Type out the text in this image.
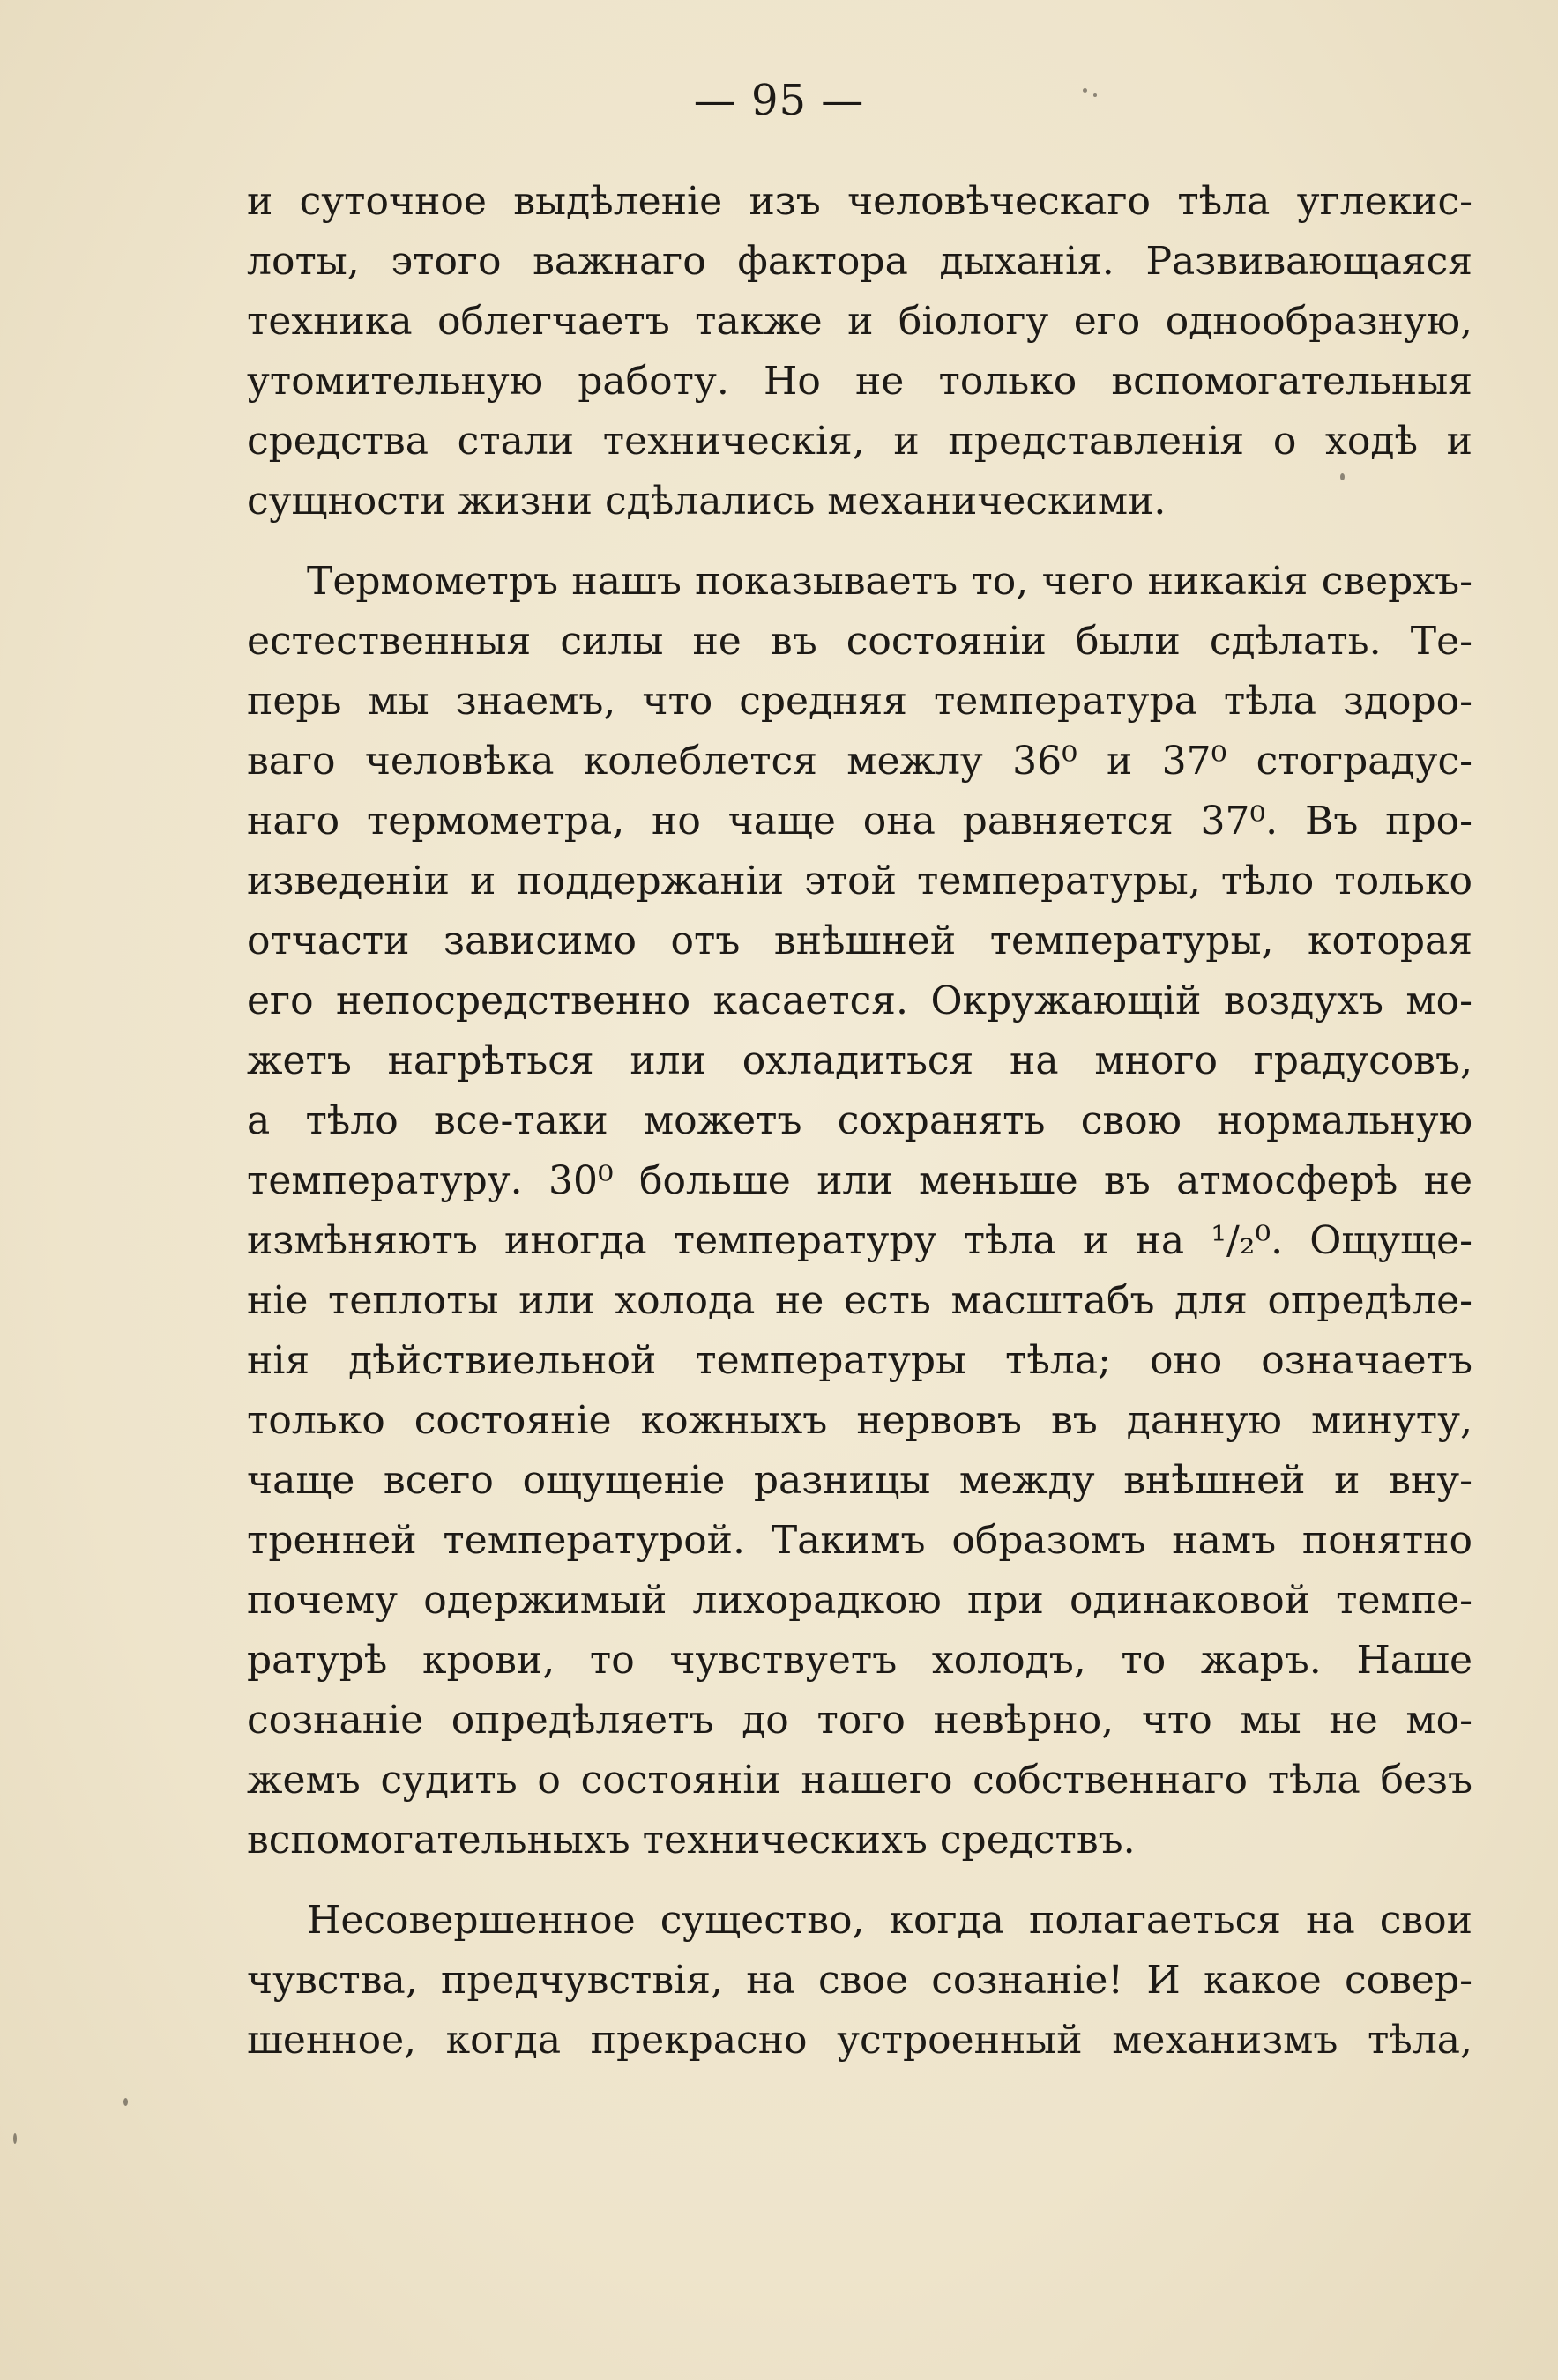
— 95 —
и суточное выдѣленіе изъ человѣческаго тѣла углекис-
лоты, этого важнаго фактора дыханія. Развивающаяся
техника облегчаетъ также и біологу его однообразную,
утомительную работу. Но не только вспомогательныя
средства стали техническія, и представленія о ходѣ и
сущности жизни сдѣлались механическими.
Термометръ нашъ показываетъ то, чего никакія сверхъ-
естественныя силы не въ состояніи были сдѣлать. Те-
перь мы знаемъ, что средняя температура тѣла здоро-
ваго человѣка колеблется межлу 36⁰ и 37⁰ стоградус-
наго термометра, но чаще она равняется 37⁰. Въ про-
изведеніи и поддержаніи этой температуры, тѣло только
отчасти зависимо отъ внѣшней температуры, которая
его непосредственно касается. Окружающій воздухъ мо-
жетъ нагрѣться или охладиться на много градусовъ,
а тѣло все-таки можетъ сохранять свою нормальную
температуру. 30⁰ больше или меньше въ атмосферѣ не
измѣняютъ иногда температуру тѣла и на ¹/₂⁰. Ощуще-
ніе теплоты или холода не есть масштабъ для опредѣле-
нія дѣйствиельной температуры тѣла; оно означаетъ
только состояніе кожныхъ нервовъ въ данную минуту,
чаще всего ощущеніе разницы между внѣшней и вну-
тренней температурой. Такимъ образомъ намъ понятно
почему одержимый лихорадкою при одинаковой темпе-
ратурѣ крови, то чувствуетъ холодъ, то жаръ. Наше
сознаніе опредѣляетъ до того невѣрно, что мы не мо-
жемъ судить о состояніи нашего собственнаго тѣла безъ
вспомогательныхъ техническихъ средствъ.
Несовершенное существо, когда полагаеться на свои
чувства, предчувствія, на свое сознаніе! И какое совер-
шенное, когда прекрасно устроенный механизмъ тѣла,
